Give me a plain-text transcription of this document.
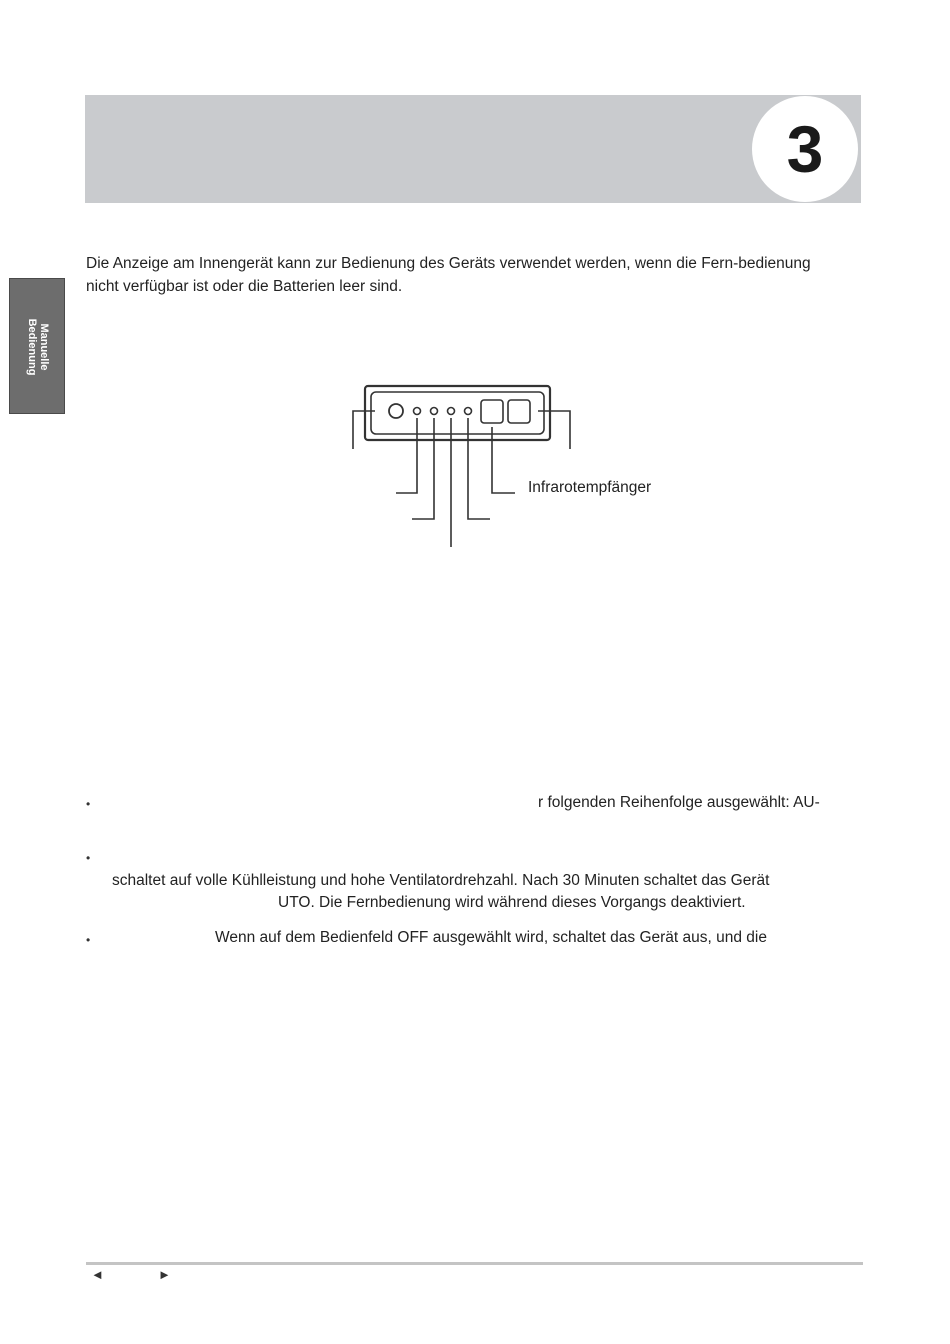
3
Manuelle
Bedienung
Die Anzeige am Innengerät kann zur Bedienung des Geräts verwendet werden, wenn die Fern-bedienung nicht verfügbar ist oder die Batterien leer sind.
Infrarotempfänger
•	r folgenden Reihenfolge ausgewählt: AU-
•
schaltet auf volle Kühlleistung und hohe Ventilatordrehzahl. Nach 30 Minuten schaltet das Gerät
UTO. Die Fernbedienung wird während dieses Vorgangs deaktiviert.
•	Wenn auf dem Bedienfeld OFF ausgewählt wird, schaltet das Gerät aus, und die
◄	►
